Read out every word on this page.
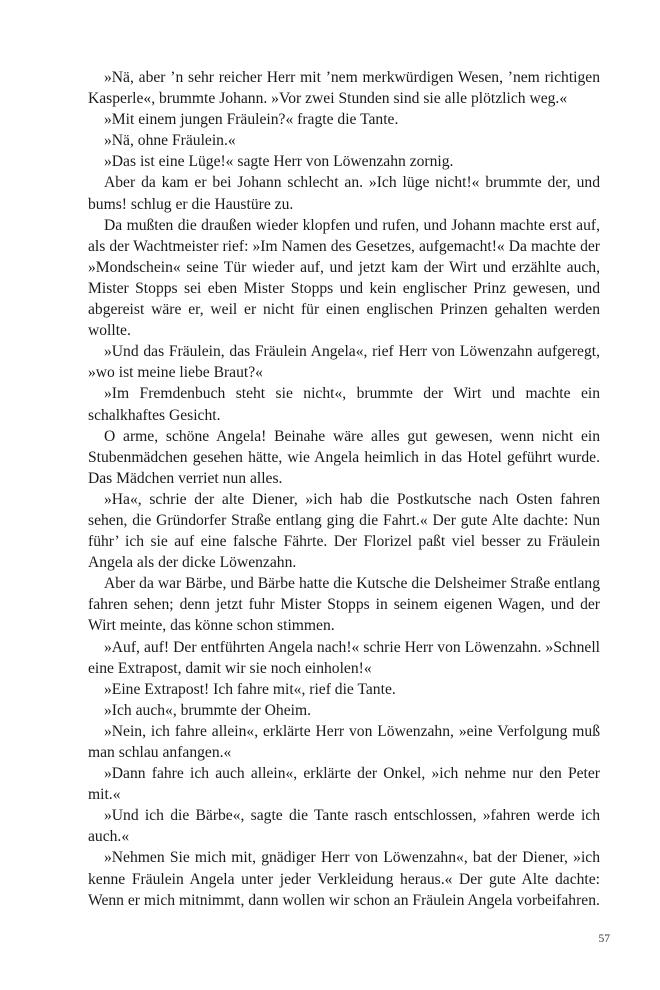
»Nä, aber ’n sehr reicher Herr mit ’nem merkwürdigen Wesen, ’nem richtigen Kasperle«, brummte Johann. »Vor zwei Stunden sind sie alle plötzlich weg.«

»Mit einem jungen Fräulein?« fragte die Tante.

»Nä, ohne Fräulein.«

»Das ist eine Lüge!« sagte Herr von Löwenzahn zornig.

Aber da kam er bei Johann schlecht an. »Ich lüge nicht!« brummte der, und bums! schlug er die Haustüre zu.

Da mußten die draußen wieder klopfen und rufen, und Johann machte erst auf, als der Wachtmeister rief: »Im Namen des Gesetzes, aufgemacht!« Da machte der »Mondschein« seine Tür wieder auf, und jetzt kam der Wirt und erzählte auch, Mister Stopps sei eben Mister Stopps und kein englischer Prinz gewesen, und abgereist wäre er, weil er nicht für einen englischen Prinzen gehalten werden wollte.

»Und das Fräulein, das Fräulein Angela«, rief Herr von Löwenzahn aufgeregt, »wo ist meine liebe Braut?«

»Im Fremdenbuch steht sie nicht«, brummte der Wirt und machte ein schalkhaftes Gesicht.

O arme, schöne Angela! Beinahe wäre alles gut gewesen, wenn nicht ein Stubenmädchen gesehen hätte, wie Angela heimlich in das Hotel geführt wurde. Das Mädchen verriet nun alles.

»Ha«, schrie der alte Diener, »ich hab die Postkutsche nach Osten fahren sehen, die Gründorfer Straße entlang ging die Fahrt.« Der gute Alte dachte: Nun führ’ ich sie auf eine falsche Fährte. Der Florizel paßt viel besser zu Fräulein Angela als der dicke Löwenzahn.

Aber da war Bärbe, und Bärbe hatte die Kutsche die Delsheimer Straße entlang fahren sehen; denn jetzt fuhr Mister Stopps in seinem eigenen Wagen, und der Wirt meinte, das könne schon stimmen.

»Auf, auf! Der entführten Angela nach!« schrie Herr von Löwenzahn. »Schnell eine Extrapost, damit wir sie noch einholen!«

»Eine Extrapost! Ich fahre mit«, rief die Tante.

»Ich auch«, brummte der Oheim.

»Nein, ich fahre allein«, erklärte Herr von Löwenzahn, »eine Verfolgung muß man schlau anfangen.«

»Dann fahre ich auch allein«, erklärte der Onkel, »ich nehme nur den Peter mit.«

»Und ich die Bärbe«, sagte die Tante rasch entschlossen, »fahren werde ich auch.«

»Nehmen Sie mich mit, gnädiger Herr von Löwenzahn«, bat der Diener, »ich kenne Fräulein Angela unter jeder Verkleidung heraus.« Der gute Alte dachte: Wenn er mich mitnimmt, dann wollen wir schon an Fräulein Angela vorbeifahren.

57
